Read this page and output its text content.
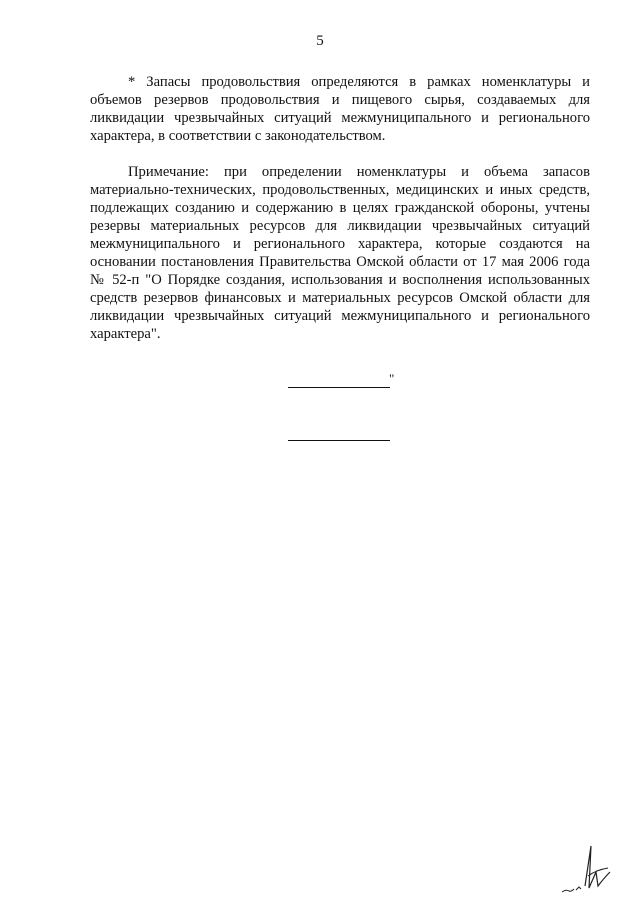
5

* Запасы продовольствия определяются в рамках номенклатуры и объемов резервов продовольствия и пищевого сырья, создаваемых для ликвидации чрезвычайных ситуаций межмуниципального и регионального характера, в соответствии с законодательством.

Примечание: при определении номенклатуры и объема запасов материально-технических, продовольственных, медицинских и иных средств, подлежащих созданию и содержанию в целях гражданской обороны, учтены резервы материальных ресурсов для ликвидации чрезвычайных ситуаций межмуниципального и регионального характера, которые создаются на основании постановления Правительства Омской области от 17 мая 2006 года № 52-п "О Порядке создания, использования и восполнения использованных средств резервов финансовых и материальных ресурсов Омской области для ликвидации чрезвычайных ситуаций межмуниципального и регионального характера".

"
